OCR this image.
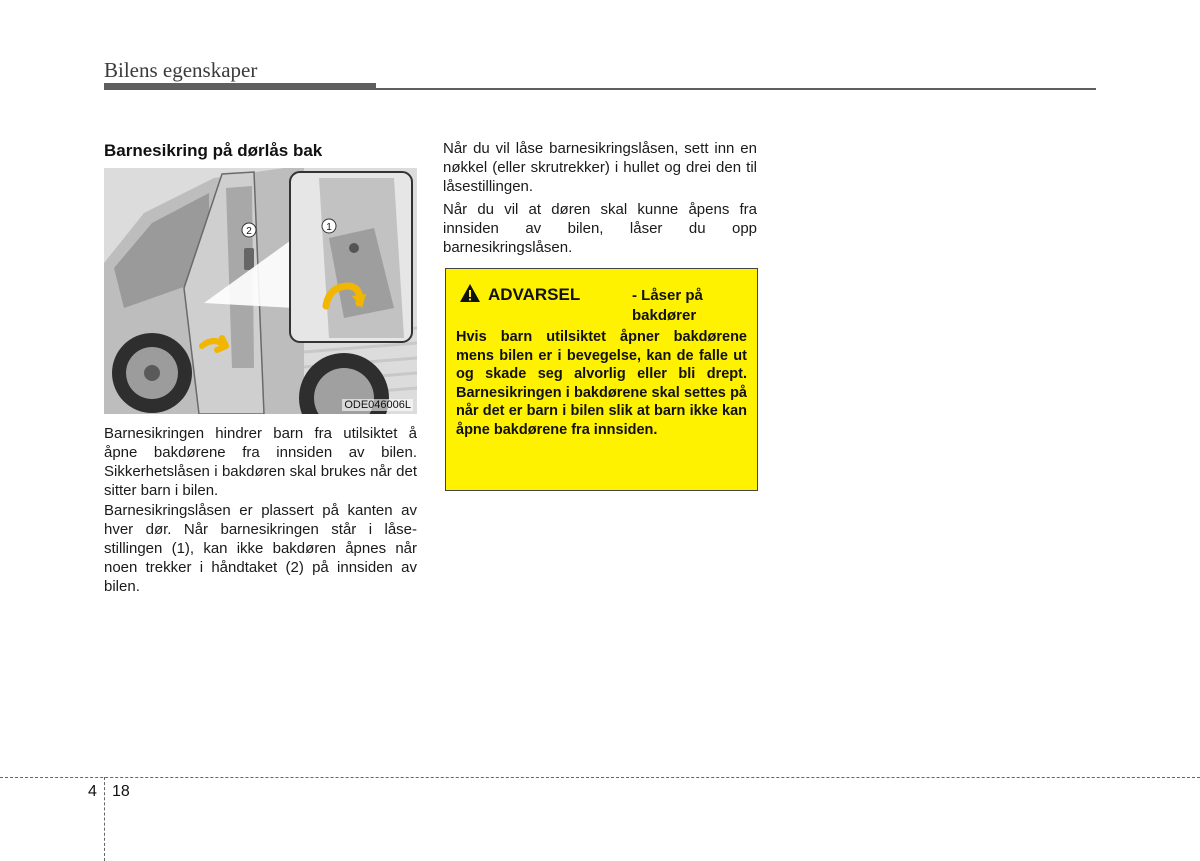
Bilens egenskaper
Barnesikring på dørlås bak
2	1
ODE046006L

Barnesikringen hindrer barn fra utilsiktet å åpne bakdørene fra innsiden av bilen. Sikkerhetslåsen i bakdøren skal brukes når det sitter barn i bilen.

Barnesikringslåsen er plassert på kanten av hver dør. Når barnesikringen står i låse-stillingen (1), kan ikke bakdøren åpnes når noen trekker i håndtaket (2) på innsiden av bilen.

Når du vil låse barnesikringslåsen, sett inn en nøkkel (eller skrutrekker) i hullet og drei den til låsestillingen.

Når du vil at døren skal kunne åpens fra innsiden av bilen, låser du opp barnesikringslåsen.

ADVARSEL	- Låser på bakdører

Hvis barn utilsiktet åpner bakdørene mens bilen er i bevegelse, kan de falle ut og skade seg alvorlig eller bli drept. Barnesikringen i bakdørene skal settes på når det er barn i bilen slik at barn ikke kan åpne bakdørene fra innsiden.

4 18
